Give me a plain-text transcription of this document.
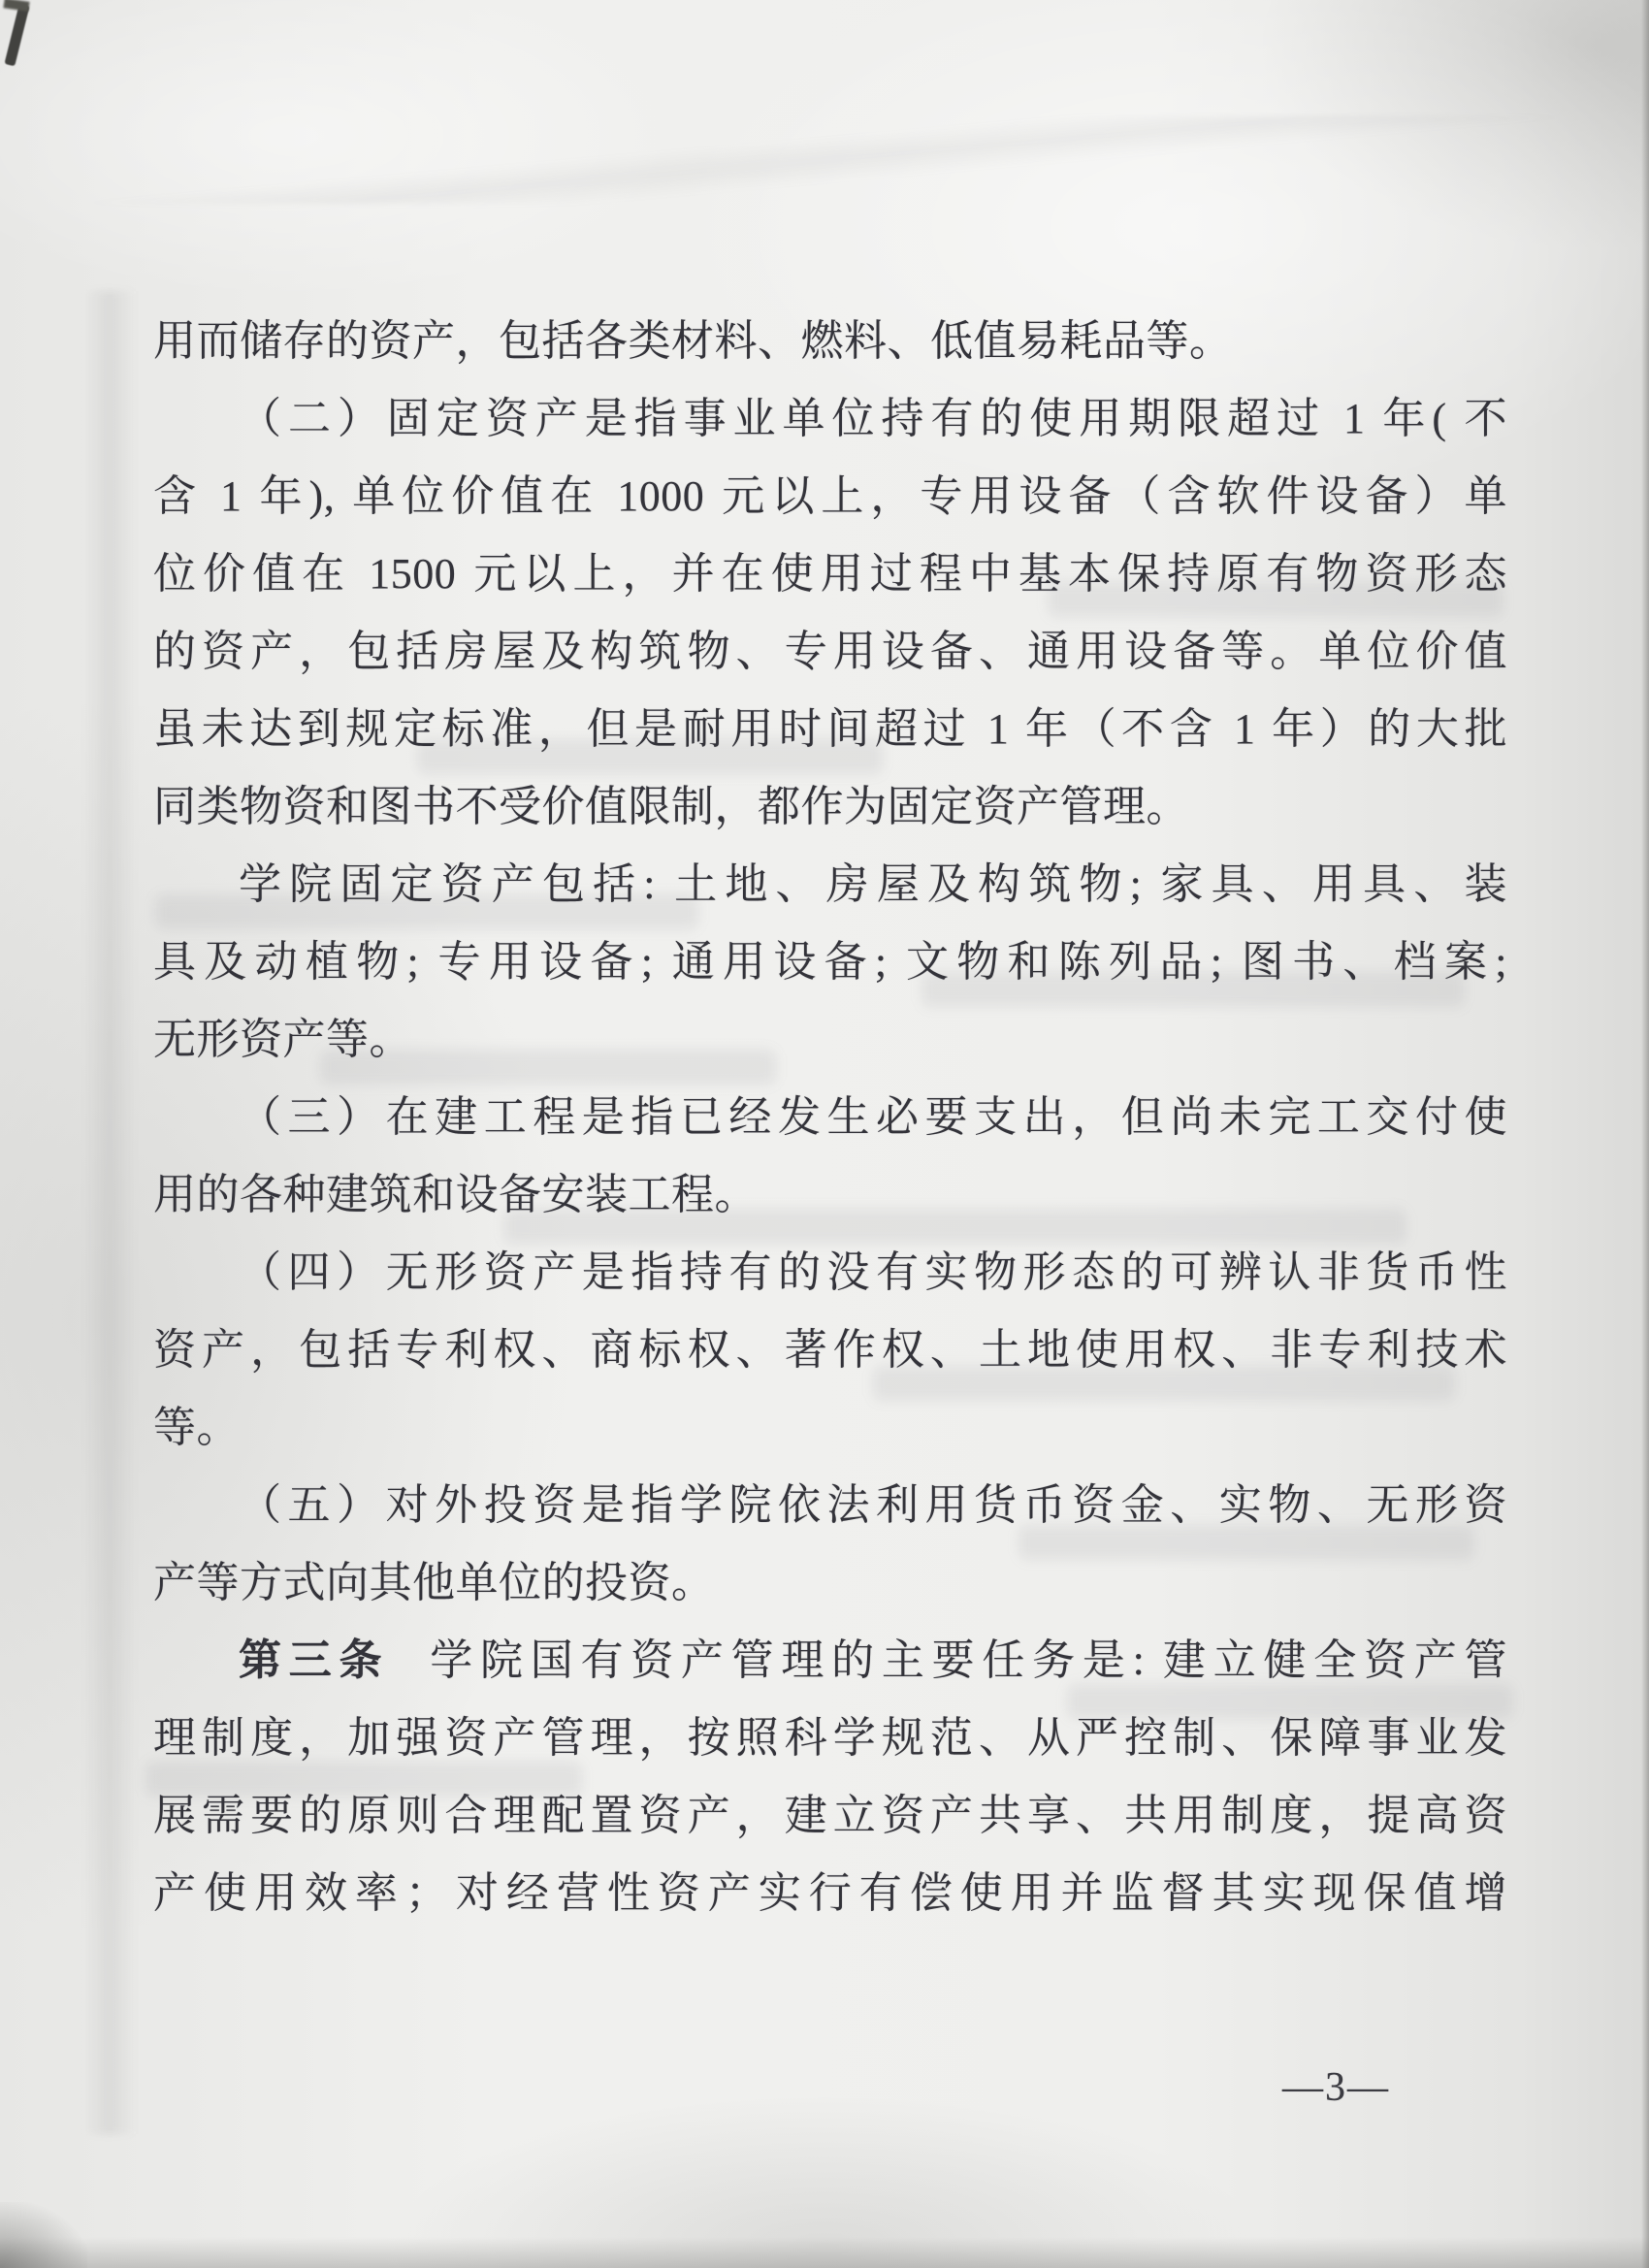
用而储存的资产，包括各类材料、燃料、低值易耗品等。
（二）固定资产是指事业单位持有的使用期限超过 1 年( 不
含 1 年), 单位价值在 1000 元以上，专用设备（含软件设备）单
位价值在 1500 元以上，并在使用过程中基本保持原有物资形态
的资产，包括房屋及构筑物、专用设备、通用设备等。单位价值
虽未达到规定标准，但是耐用时间超过 1 年（不含 1 年）的大批
同类物资和图书不受价值限制，都作为固定资产管理。
学院固定资产包括: 土地、房屋及构筑物; 家具、用具、装
具及动植物; 专用设备; 通用设备; 文物和陈列品; 图书、档案;
无形资产等。
（三）在建工程是指已经发生必要支出，但尚未完工交付使
用的各种建筑和设备安装工程。
（四）无形资产是指持有的没有实物形态的可辨认非货币性
资产，包括专利权、商标权、著作权、土地使用权、非专利技术
等。
（五）对外投资是指学院依法利用货币资金、实物、无形资
产等方式向其他单位的投资。
第三条 学院国有资产管理的主要任务是: 建立健全资产管
理制度，加强资产管理，按照科学规范、从严控制、保障事业发
展需要的原则合理配置资产，建立资产共享、共用制度，提高资
产使用效率；对经营性资产实行有偿使用并监督其实现保值增
—3—
